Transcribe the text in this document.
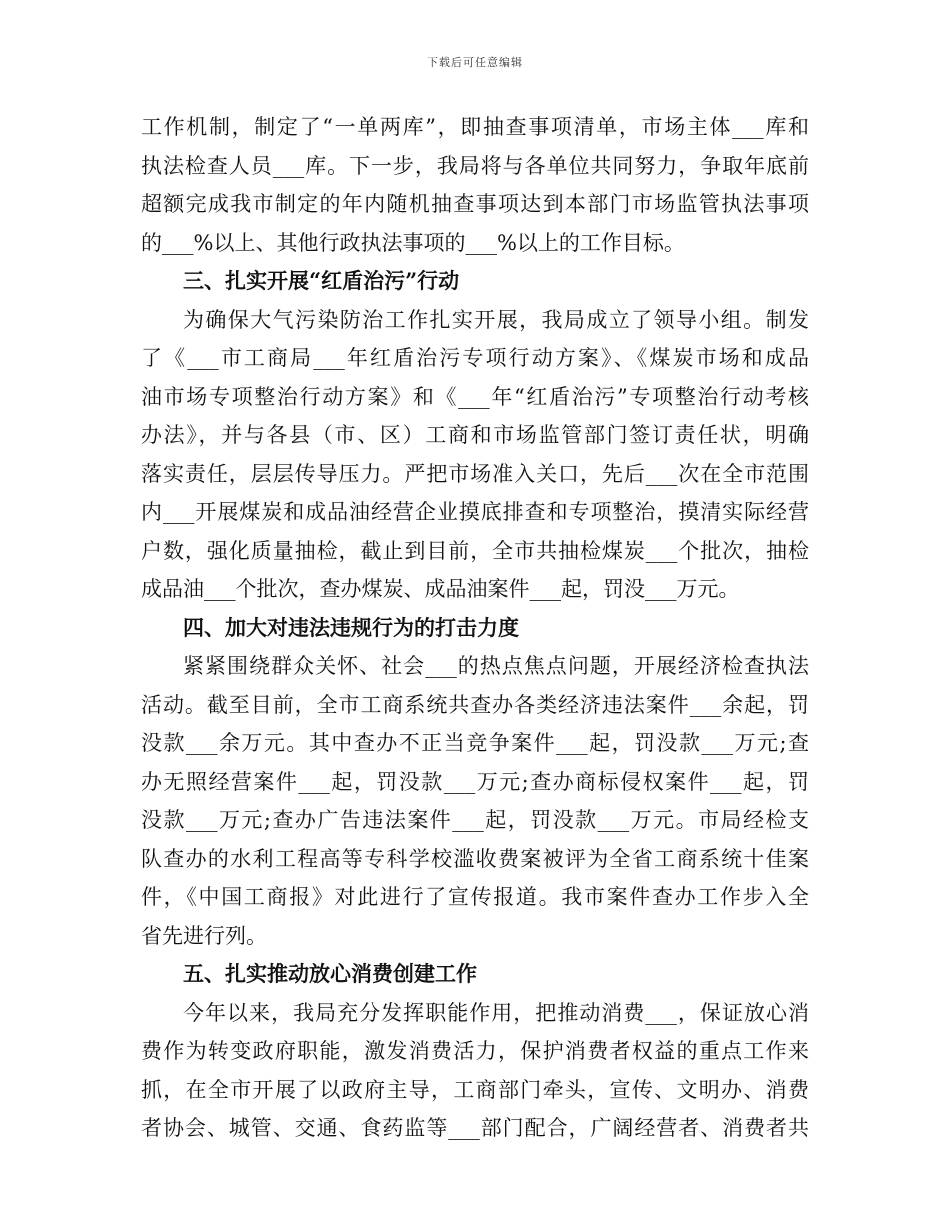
下载后可任意编辑
工作机制，制定了“一单两库”，即抽查事项清单，市场主体___库和
执法检查人员___库。下一步，我局将与各单位共同努力，争取年底前
超额完成我市制定的年内随机抽查事项达到本部门市场监管执法事项
的___%以上、其他行政执法事项的___%以上的工作目标。
三、扎实开展“红盾治污”行动
为确保大气污染防治工作扎实开展，我局成立了领导小组。制发
了《___市工商局___年红盾治污专项行动方案》、《煤炭市场和成品
油市场专项整治行动方案》和《___年“红盾治污”专项整治行动考核
办法》，并与各县（市、区）工商和市场监管部门签订责任状，明确
落实责任，层层传导压力。严把市场准入关口，先后___次在全市范围
内___开展煤炭和成品油经营企业摸底排查和专项整治，摸清实际经营
户数，强化质量抽检，截止到目前，全市共抽检煤炭___个批次，抽检
成品油___个批次，查办煤炭、成品油案件___起，罚没___万元。
四、加大对违法违规行为的打击力度
紧紧围绕群众关怀、社会___的热点焦点问题，开展经济检查执法
活动。截至目前，全市工商系统共查办各类经济违法案件___余起，罚
没款___余万元。其中查办不正当竞争案件___起，罚没款___万元;查
办无照经营案件___起，罚没款___万元;查办商标侵权案件___起，罚
没款___万元;查办广告违法案件___起，罚没款___万元。市局经检支
队查办的水利工程高等专科学校滥收费案被评为全省工商系统十佳案
件，《中国工商报》对此进行了宣传报道。我市案件查办工作步入全
省先进行列。
五、扎实推动放心消费创建工作
今年以来，我局充分发挥职能作用，把推动消费___，保证放心消
费作为转变政府职能，激发消费活力，保护消费者权益的重点工作来
抓，在全市开展了以政府主导，工商部门牵头，宣传、文明办、消费
者协会、城管、交通、食药监等___部门配合，广阔经营者、消费者共
